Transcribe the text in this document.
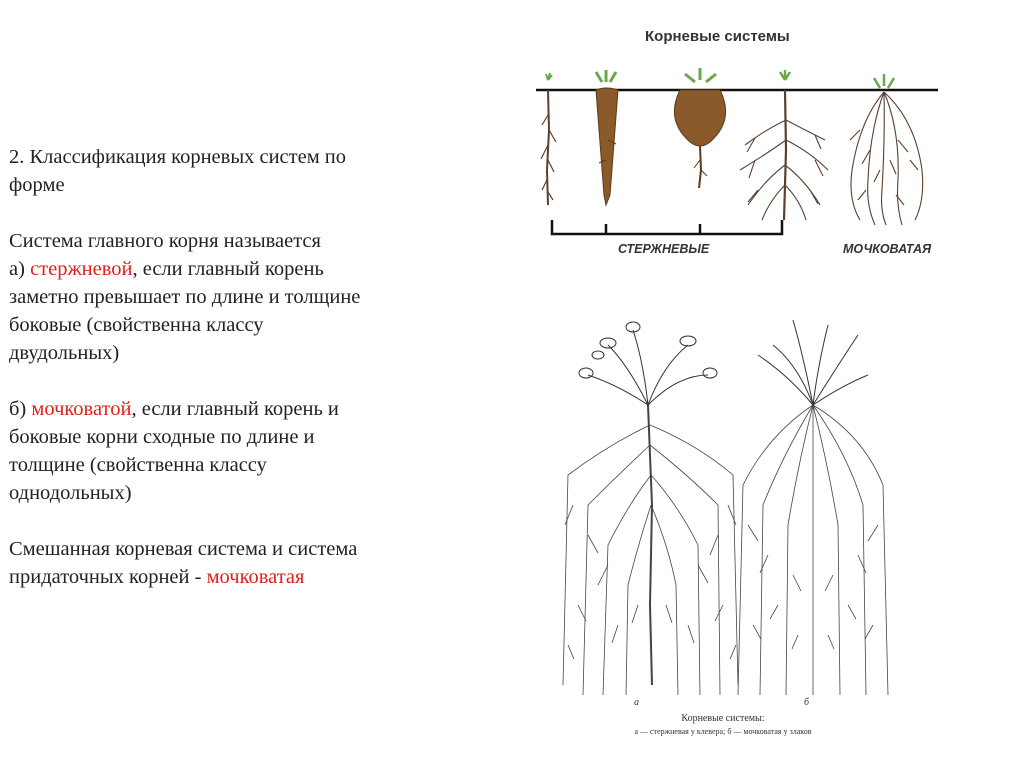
2. Классификация корневых систем по
форме

Система главного корня называется
а) стержневой, если главный корень
заметно превышает по длине и толщине
боковые (свойственна классу
двудольных)

б) мочковатой, если главный корень и
боковые корни сходные по длине и
толщине (свойственна классу
однодольных)

Смешанная корневая система и система
придаточных корней - мочковатая

Корневые системы
СТЕРЖНЕВЫЕ	МОЧКОВАТАЯ
а	б
Корневые системы:
а — стержневая у клевера; б — мочковатая у злаков
